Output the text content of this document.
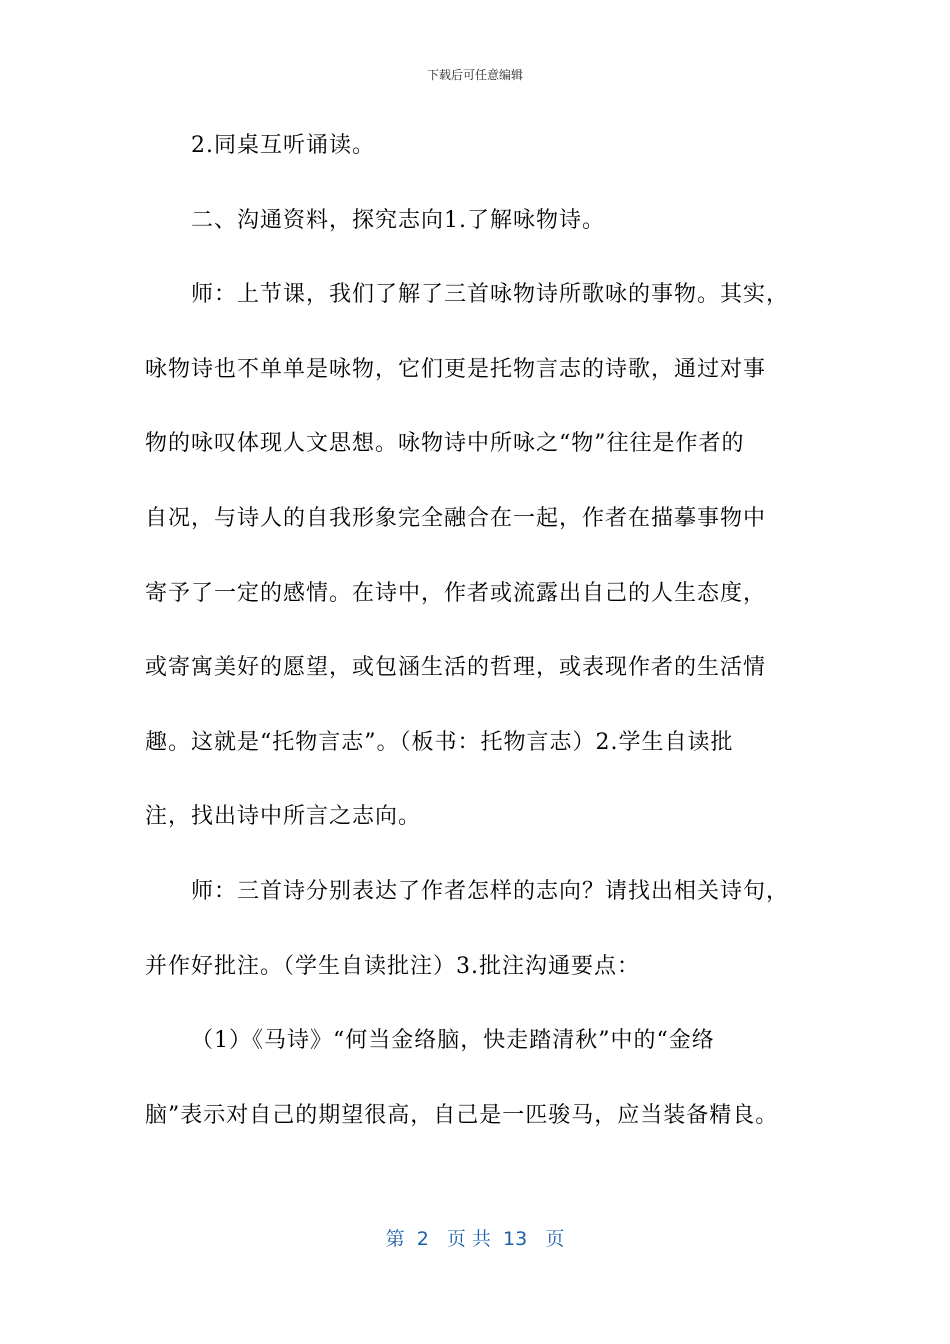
下载后可任意编辑
2.同桌互听诵读。
二、沟通资料，探究志向1.了解咏物诗。
师：上节课，我们了解了三首咏物诗所歌咏的事物。其实，
咏物诗也不单单是咏物，它们更是托物言志的诗歌，通过对事
物的咏叹体现人文思想。咏物诗中所咏之“物”往往是作者的
自况，与诗人的自我形象完全融合在一起，作者在描摹事物中
寄予了一定的感情。在诗中，作者或流露出自己的人生态度，
或寄寓美好的愿望，或包涵生活的哲理，或表现作者的生活情
趣。这就是“托物言志”。（板书：托物言志）2.学生自读批
注，找出诗中所言之志向。
师：三首诗分别表达了作者怎样的志向？请找出相关诗句，
并作好批注。（学生自读批注）3.批注沟通要点：
（1）《马诗》“何当金络脑，快走踏清秋”中的“金络
脑”表示对自己的期望很高，自己是一匹骏马，应当装备精良。
第  2   页 共  13   页
